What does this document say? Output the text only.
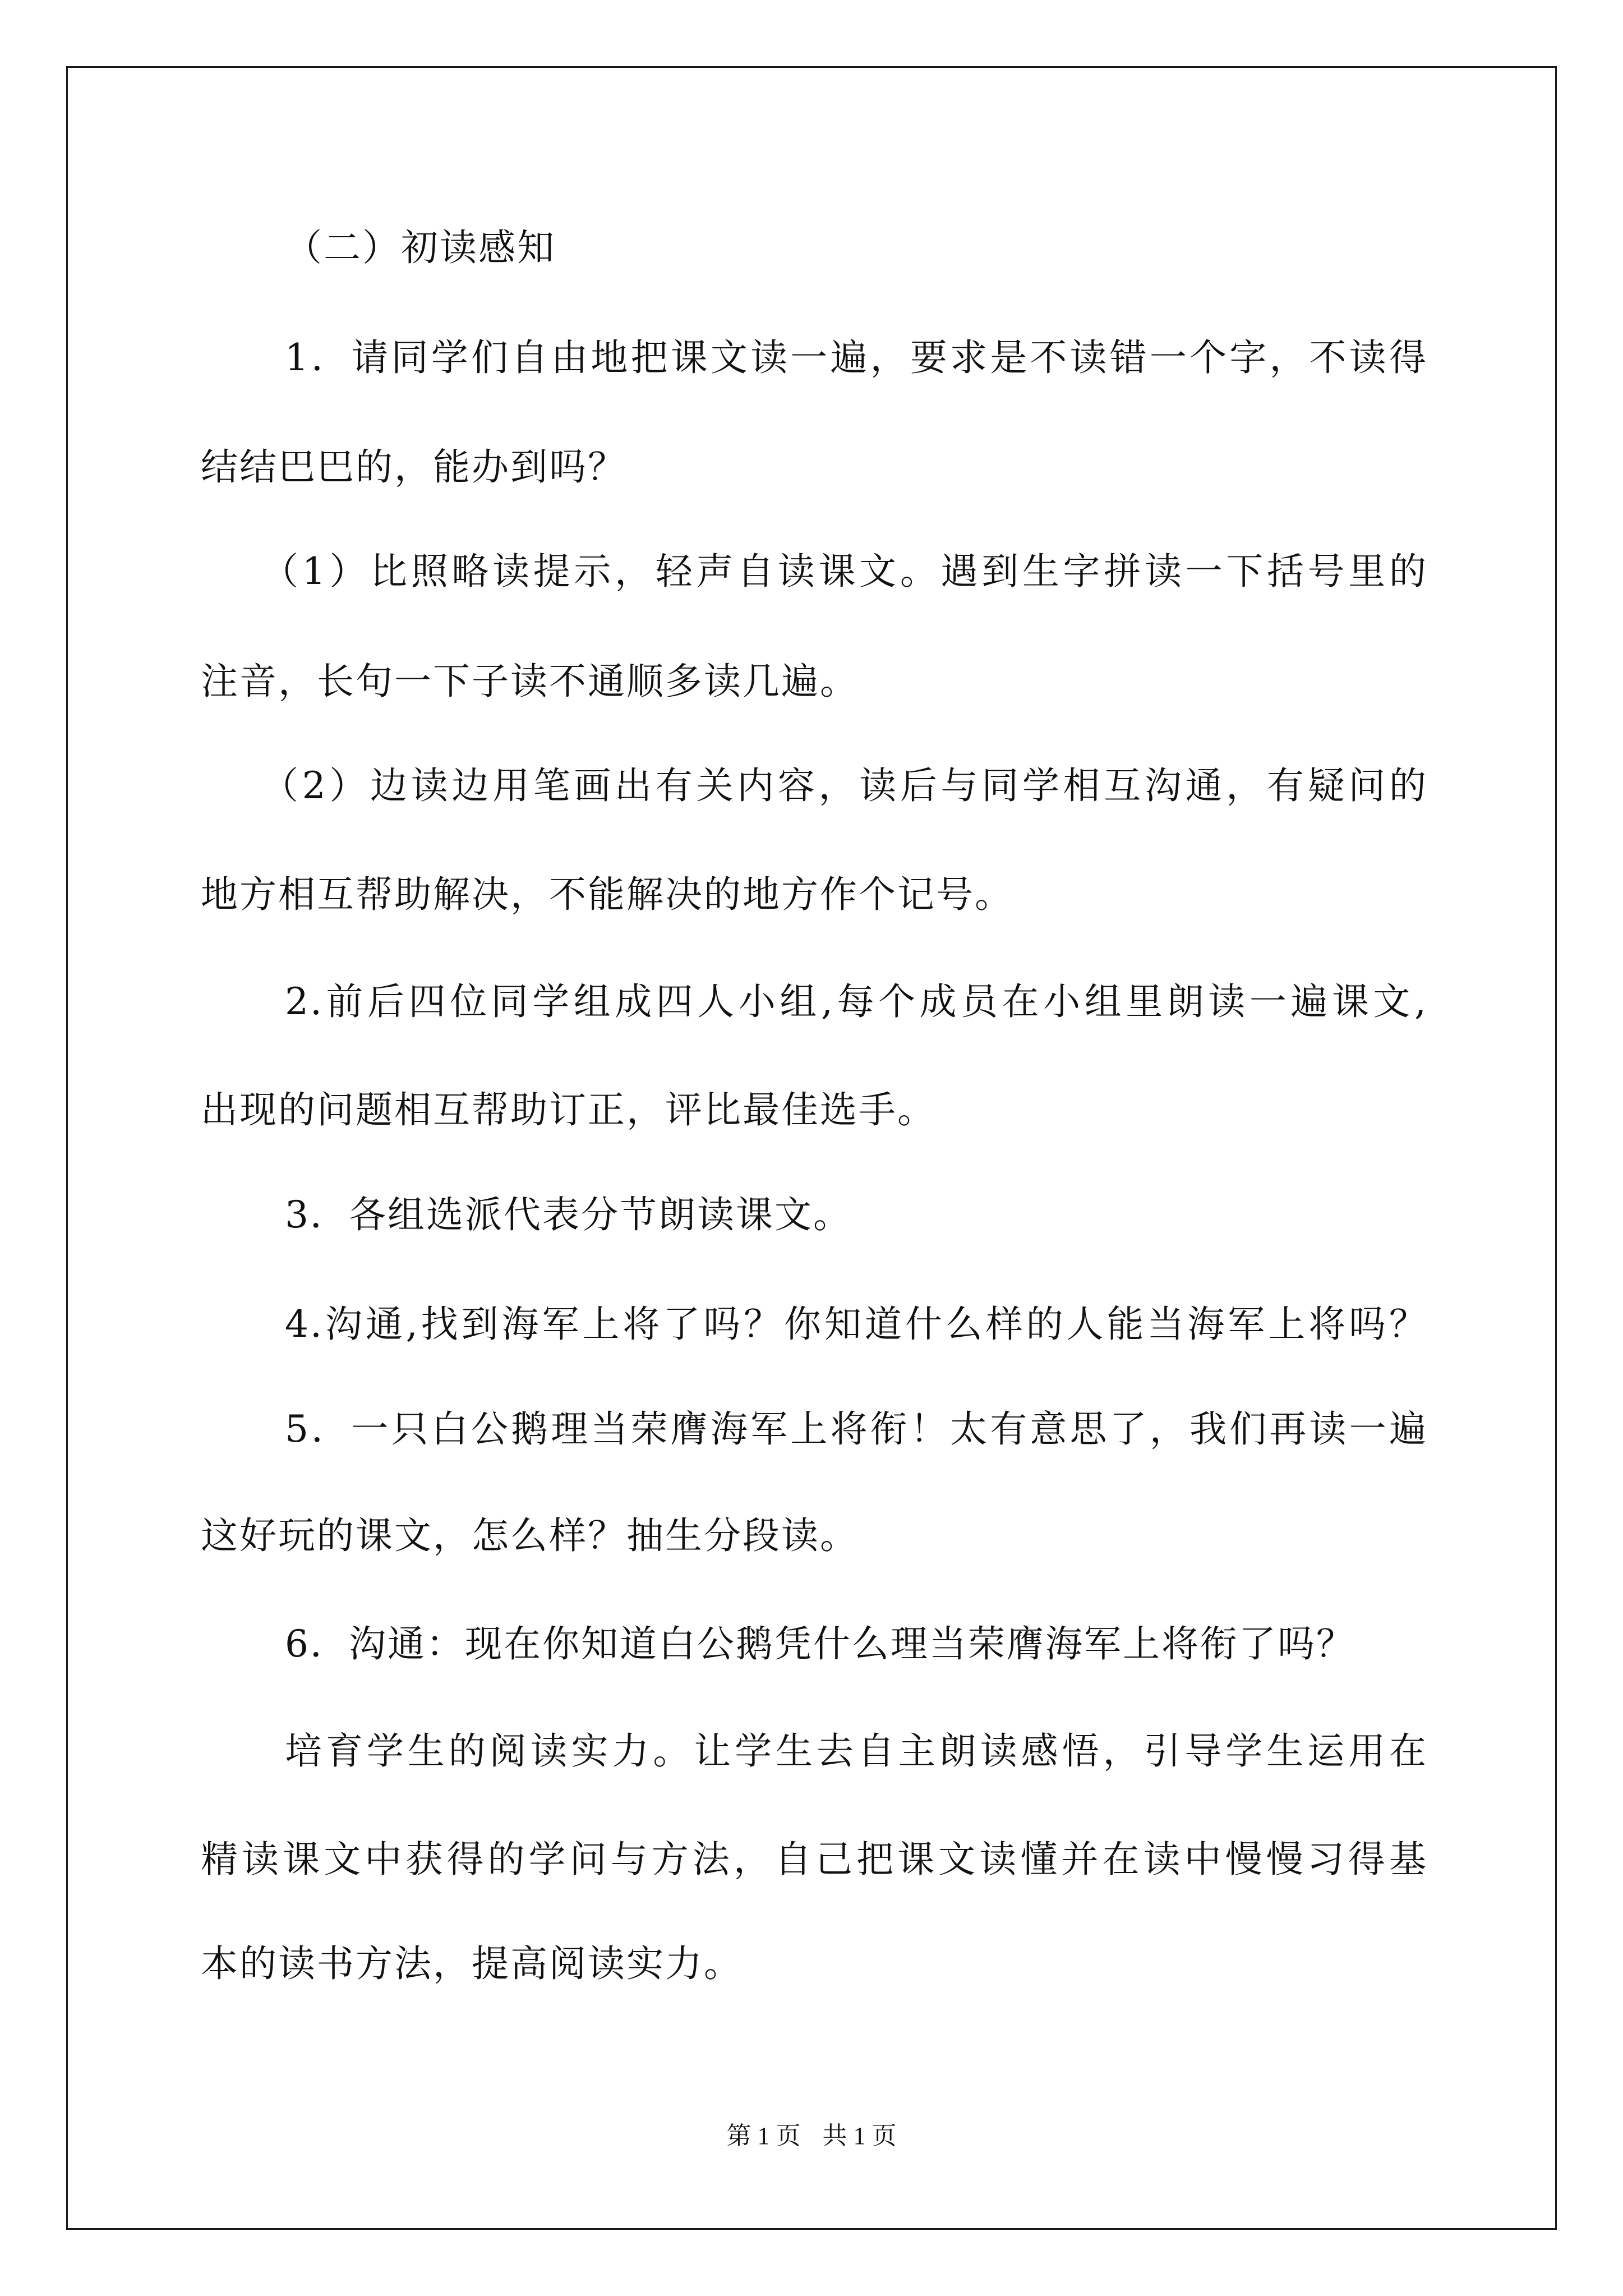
（二）初读感知
1．请同学们自由地把课文读一遍，要求是不读错一个字，不读得
结结巴巴的，能办到吗？
（1）比照略读提示，轻声自读课文。遇到生字拼读一下括号里的
注音，长句一下子读不通顺多读几遍。
（2）边读边用笔画出有关内容，读后与同学相互沟通，有疑问的
地方相互帮助解决，不能解决的地方作个记号。
2.前后四位同学组成四人小组,每个成员在小组里朗读一遍课文,
出现的问题相互帮助订正，评比最佳选手。
3．各组选派代表分节朗读课文。
4.沟通,找到海军上将了吗？你知道什么样的人能当海军上将吗？
5．一只白公鹅理当荣膺海军上将衔！太有意思了，我们再读一遍
这好玩的课文，怎么样？抽生分段读。
6．沟通：现在你知道白公鹅凭什么理当荣膺海军上将衔了吗？
培育学生的阅读实力。让学生去自主朗读感悟，引导学生运用在
精读课文中获得的学问与方法，自己把课文读懂并在读中慢慢习得基
本的读书方法，提高阅读实力。
第 1 页 共 1 页
